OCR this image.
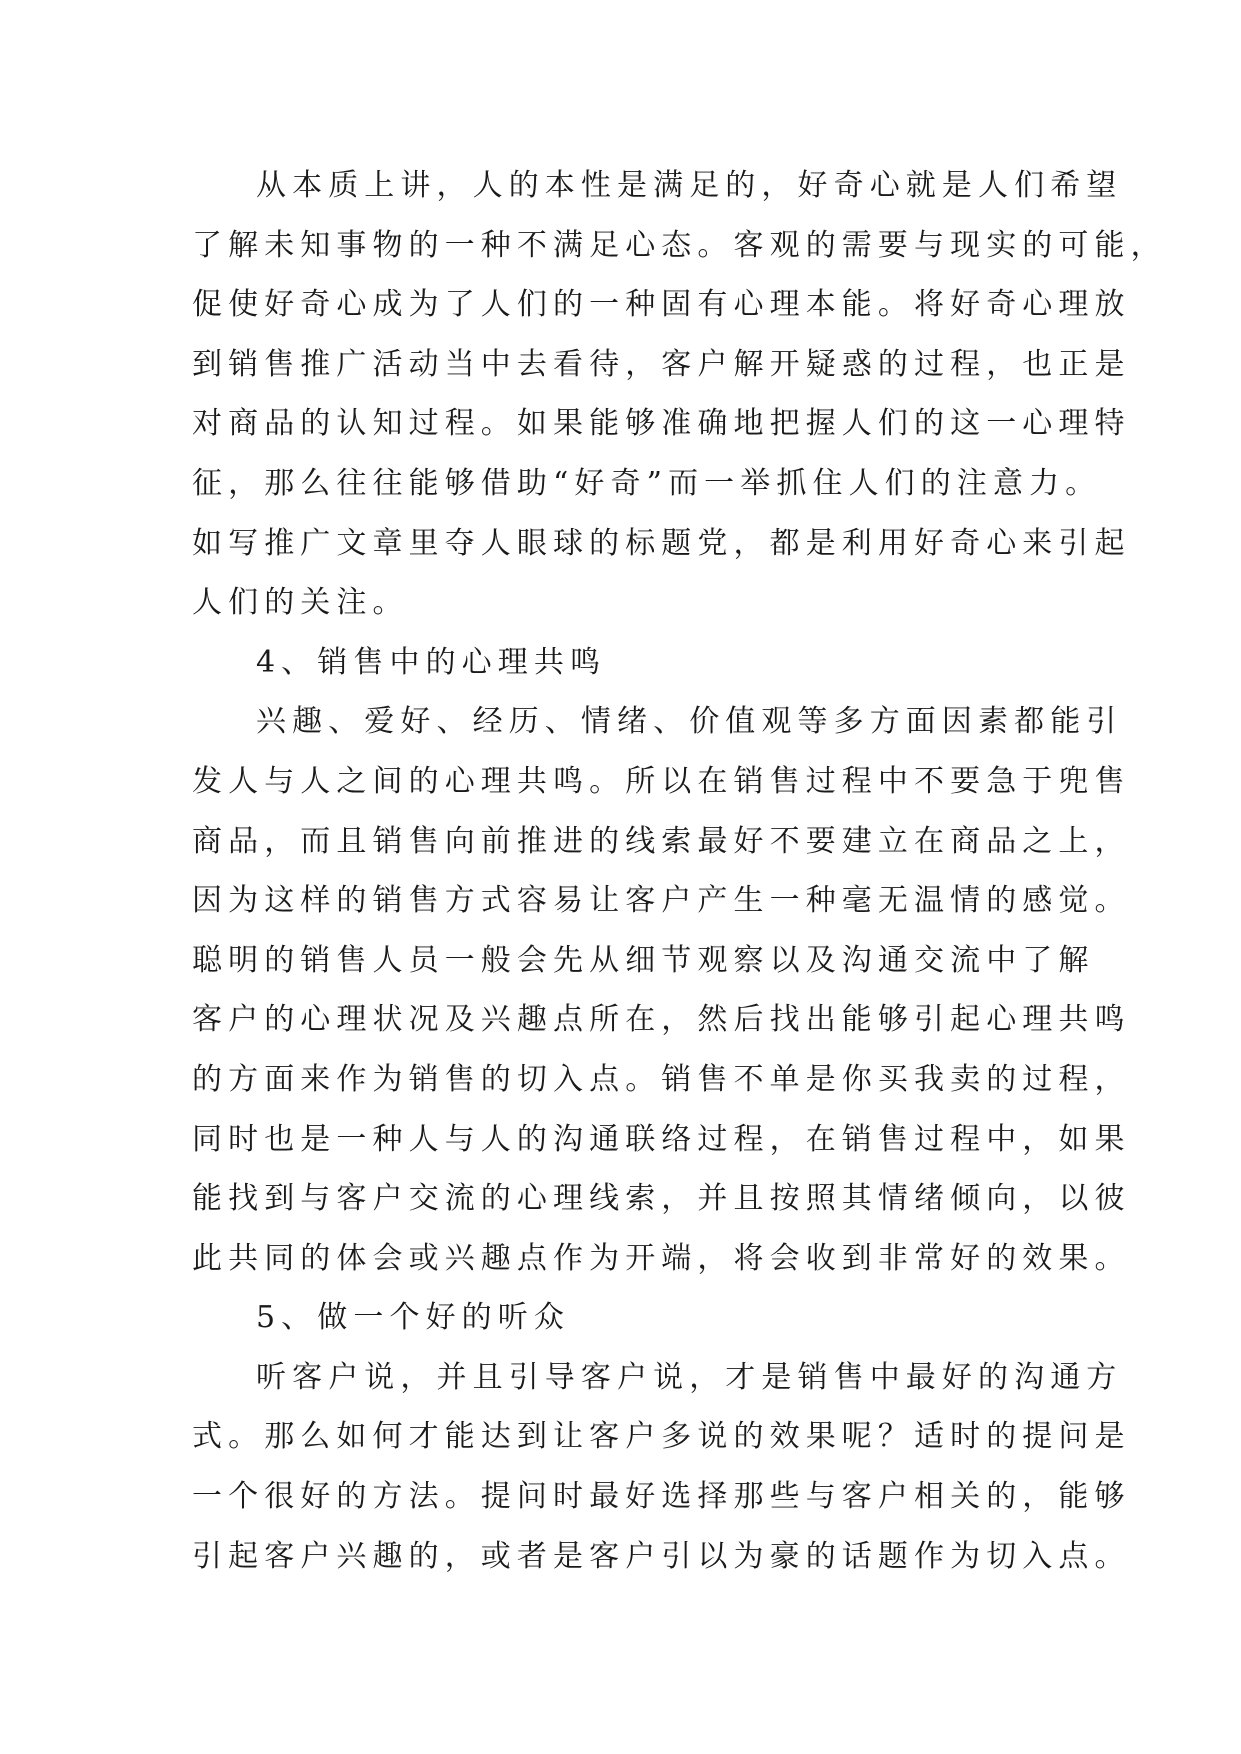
从本质上讲，人的本性是满足的，好奇心就是人们希望
了解未知事物的一种不满足心态。客观的需要与现实的可能，
促使好奇心成为了人们的一种固有心理本能。将好奇心理放
到销售推广活动当中去看待，客户解开疑惑的过程，也正是
对商品的认知过程。如果能够准确地把握人们的这一心理特
征，那么往往能够借助“好奇”而一举抓住人们的注意力。
如写推广文章里夺人眼球的标题党，都是利用好奇心来引起
人们的关注。
4、销售中的心理共鸣
兴趣、爱好、经历、情绪、价值观等多方面因素都能引
发人与人之间的心理共鸣。所以在销售过程中不要急于兜售
商品，而且销售向前推进的线索最好不要建立在商品之上，
因为这样的销售方式容易让客户产生一种毫无温情的感觉。
聪明的销售人员一般会先从细节观察以及沟通交流中了解
客户的心理状况及兴趣点所在，然后找出能够引起心理共鸣
的方面来作为销售的切入点。销售不单是你买我卖的过程，
同时也是一种人与人的沟通联络过程，在销售过程中，如果
能找到与客户交流的心理线索，并且按照其情绪倾向，以彼
此共同的体会或兴趣点作为开端，将会收到非常好的效果。
5、做一个好的听众
听客户说，并且引导客户说，才是销售中最好的沟通方
式。那么如何才能达到让客户多说的效果呢？适时的提问是
一个很好的方法。提问时最好选择那些与客户相关的，能够
引起客户兴趣的，或者是客户引以为豪的话题作为切入点。
